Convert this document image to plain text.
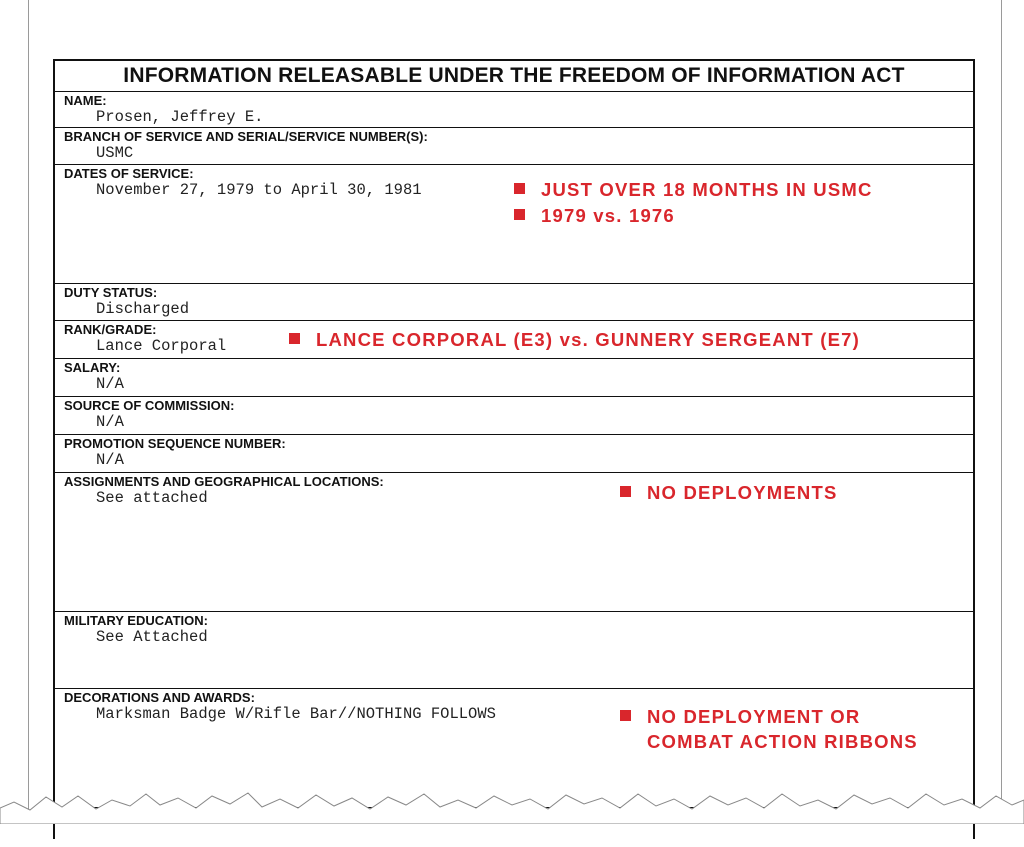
INFORMATION RELEASABLE UNDER THE FREEDOM OF INFORMATION ACT
NAME:
Prosen, Jeffrey E.
BRANCH OF SERVICE AND SERIAL/SERVICE NUMBER(S):
USMC
DATES OF SERVICE:
November 27, 1979 to April 30, 1981
DUTY STATUS:
Discharged
RANK/GRADE:
Lance Corporal
SALARY:
N/A
SOURCE OF COMMISSION:
N/A
PROMOTION SEQUENCE NUMBER:
N/A
ASSIGNMENTS AND GEOGRAPHICAL LOCATIONS:
See attached
MILITARY EDUCATION:
See Attached
DECORATIONS AND AWARDS:
Marksman Badge W/Rifle Bar//NOTHING FOLLOWS
JUST OVER 18 MONTHS IN USMC
1979 vs. 1976
LANCE CORPORAL (E3) vs. GUNNERY SERGEANT (E7)
NO DEPLOYMENTS
NO DEPLOYMENT OR
COMBAT ACTION RIBBONS
